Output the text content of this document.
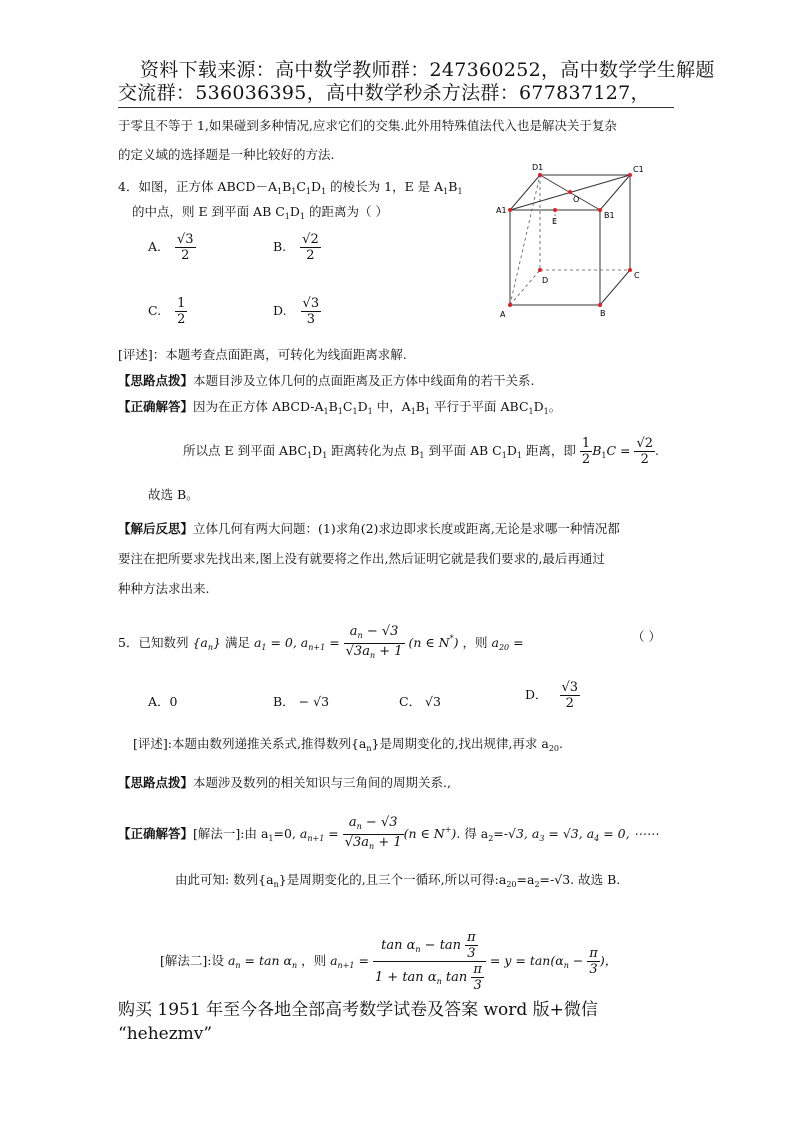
资料下载来源：高中数学教师群：247360252，高中数学学生解题
交流群：536036395，高中数学秒杀方法群：677837127，
于零且不等于 1,如果碰到多种情况,应求它们的交集.此外用特殊值法代入也是解决关于复杂
的定义域的选择题是一种比较好的方法.
4．如图，正方体 $ABCD-A_1B_1C_1D_1$ 的棱长为 1，E 是 $A_1B_1$
的中点，则 E 到平面 AB $C_1D_1$ 的距离为（ ）
A. $\frac{√3}{2}$	B. $\frac{√2}{2}$
C. $\frac{1}{2}$	D. $\frac{√3}{3}$
D1	C1
A1
B1
O
E
D
C
A	B
[评述]：本题考查点面距离，可转化为线面距离求解.
【思路点拨】本题目涉及立体几何的点面距离及正方体中线面角的若干关系.
【正确解答】因为在正方体 ABCD-$A_1B_1C_1D_1$ 中，$A_1B_1$ 平行于平面 $ABC_1D_1$。
所以点 E 到平面 $ABC_1D_1$ 距离转化为点 $B_1$ 到平面 AB $C_1D_1$ 距离，即 $\frac{1}{2} B_1C = \frac{√2}{2}$ .
故选 B。
【解后反思】立体几何有两大问题：(1)求角(2)求边即求长度或距离,无论是求哪一种情况都
要注在把所要求先找出来,图上没有就要将之作出,然后证明它就是我们要求的,最后再通过
种种方法求出来.
5．已知数列 $\{a_n\}$ 满足 $a_1 = 0$, $a_{n+1} = \frac{a_n - √3}{√3a_n + 1} (n$ ∈ N*) ，则 $a_{20}$ =	（ ）
A．0	B． − √3	C． √3	D． $\frac{√3}{2}$
[评述]:本题由数列递推关系式,推得数列$\{a_n\}$是周期变化的,找出规律,再求 $a_{20}$.
【思路点拨】本题涉及数列的相关知识与三角间的周期关系.,
【正确解答】[解法一]:由 $a_1=0$, $a_{n+1} = \frac{a_n - √3}{√3a_n + 1} (n$ ∈ N+). 得 $a_2=-√3$, $a_3 = √3$, $a_4 = 0$, ⋯⋯
由此可知: 数列$\{a_n\}$是周期变化的,且三个一循环,所以可得$:a_{20}=a_2=-√3$. 故选 B.
[解法二]:设 $a_n = \tan \alpha_n$ ，则 $a_{n+1} = \frac{\tan \alpha_n - \tan \frac{\pi}{3}}{1 + \tan \alpha_n \tan \frac{\pi}{3}} = y = \tan(\alpha_n - \frac{\pi}{3}$ )，
购买 1951 年至今各地全部高考数学试卷及答案 word 版+微信
“hehezmv”
